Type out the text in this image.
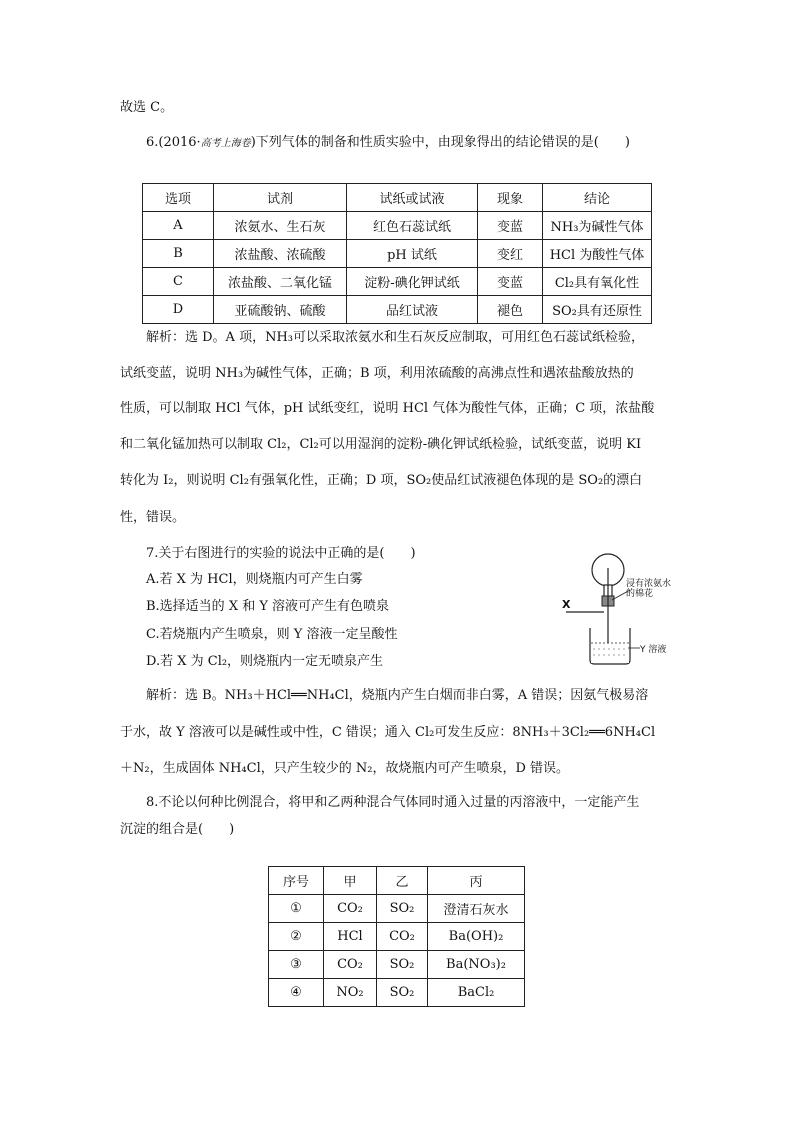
故选 C。
6.(2016·高考上海卷)下列气体的制备和性质实验中，由现象得出的结论错误的是(　　)
选项	试剂	试纸或试液	现象	结论
A	浓氨水、生石灰	红色石蕊试纸	变蓝	NH₃为碱性气体
B	浓盐酸、浓硫酸	pH 试纸	变红	HCl 为酸性气体
C	浓盐酸、二氧化锰	淀粉-碘化钾试纸	变蓝	Cl₂具有氧化性
D	亚硫酸钠、硫酸	品红试液	褪色	SO₂具有还原性
解析：选 D。A 项，NH₃可以采取浓氨水和生石灰反应制取，可用红色石蕊试纸检验，
试纸变蓝，说明 NH₃为碱性气体，正确；B 项，利用浓硫酸的高沸点性和遇浓盐酸放热的
性质，可以制取 HCl 气体，pH 试纸变红，说明 HCl 气体为酸性气体，正确；C 项，浓盐酸
和二氧化锰加热可以制取 Cl₂，Cl₂可以用湿润的淀粉-碘化钾试纸检验，试纸变蓝，说明 KI
转化为 I₂，则说明 Cl₂有强氧化性，正确；D 项，SO₂使品红试液褪色体现的是 SO₂的漂白
性，错误。
7.关于右图进行的实验的说法中正确的是(　　)
A.若 X 为 HCl，则烧瓶内可产生白雾
B.选择适当的 X 和 Y 溶液可产生有色喷泉
C.若烧瓶内产生喷泉，则 Y 溶液一定呈酸性
D.若 X 为 Cl₂，则烧瓶内一定无喷泉产生
浸有浓氨水
的棉花
X
Y 溶液
解析：选 B。NH₃＋HCl══NH₄Cl，烧瓶内产生白烟而非白雾，A 错误；因氨气极易溶
于水，故 Y 溶液可以是碱性或中性，C 错误；通入 Cl₂可发生反应：8NH₃＋3Cl₂══6NH₄Cl
＋N₂，生成固体 NH₄Cl，只产生较少的 N₂，故烧瓶内可产生喷泉，D 错误。
8.不论以何种比例混合，将甲和乙两种混合气体同时通入过量的丙溶液中，一定能产生
沉淀的组合是(　　)
序号	甲	乙	丙
①	CO₂	SO₂	澄清石灰水
②	HCl	CO₂	Ba(OH)₂
③	CO₂	SO₂	Ba(NO₃)₂
④	NO₂	SO₂	BaCl₂
